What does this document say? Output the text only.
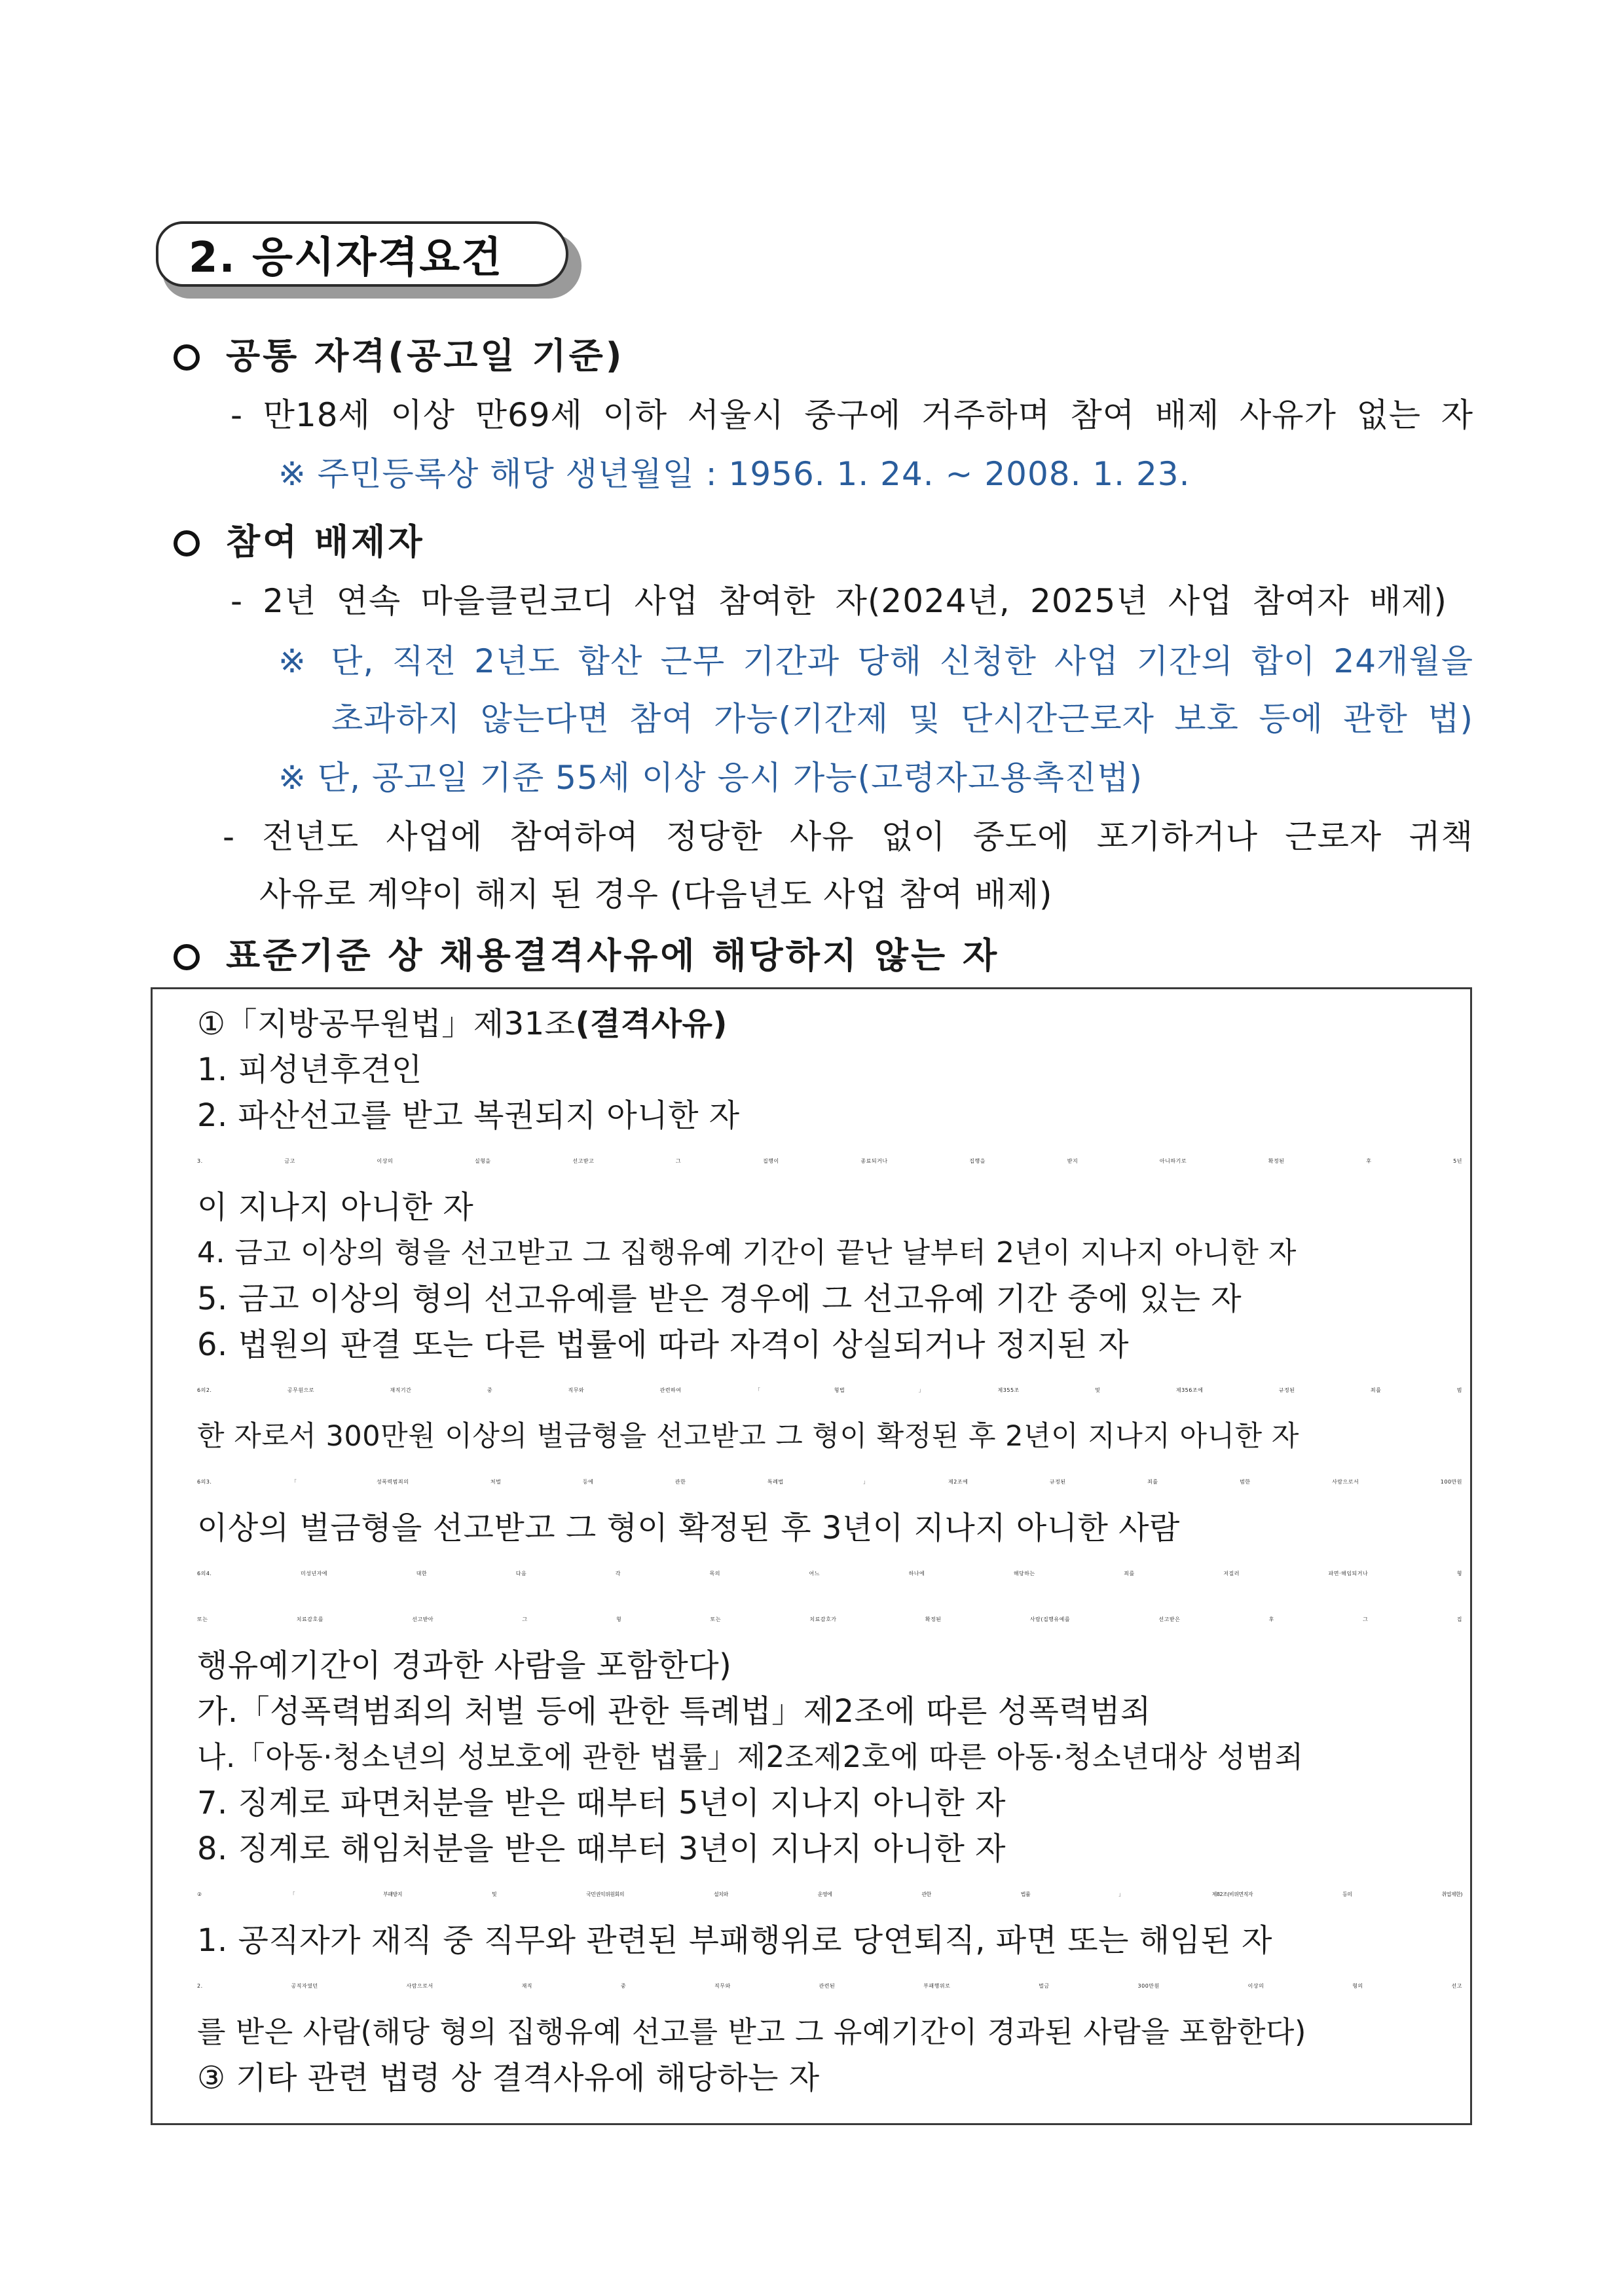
2. 응시자격요건
공통 자격(공고일 기준)
- 만18세 이상 만69세 이하 서울시 중구에 거주하며 참여 배제 사유가 없는 자
※ 주민등록상 해당 생년월일 : 1956. 1. 24. ~ 2008. 1. 23.
참여 배제자
- 2년 연속 마을클린코디 사업 참여한 자(2024년, 2025년 사업 참여자 배제)
※ 단, 직전 2년도 합산 근무 기간과 당해 신청한 사업 기간의 합이 24개월을
초과하지 않는다면 참여 가능(기간제 및 단시간근로자 보호 등에 관한 법)
※ 단, 공고일 기준 55세 이상 응시 가능(고령자고용촉진법)
- 전년도 사업에 참여하여 정당한 사유 없이 중도에 포기하거나 근로자 귀책
사유로 계약이 해지 된 경우 (다음년도 사업 참여 배제)
표준기준 상 채용결격사유에 해당하지 않는 자
①「지방공무원법」제31조(결격사유)
1. 피성년후견인
2. 파산선고를 받고 복권되지 아니한 자
3. 금고 이상의 실형을 선고받고 그 집행이 종료되거나 집행을 받지 아니하기로 확정된 후 5년
이 지나지 아니한 자
4. 금고 이상의 형을 선고받고 그 집행유예 기간이 끝난 날부터 2년이 지나지 아니한 자
5. 금고 이상의 형의 선고유예를 받은 경우에 그 선고유예 기간 중에 있는 자
6. 법원의 판결 또는 다른 법률에 따라 자격이 상실되거나 정지된 자
6의2. 공무원으로 재직기간 중 직무와 관련하여「형법」제355조 및 제356조에 규정된 죄를 범
한 자로서 300만원 이상의 벌금형을 선고받고 그 형이 확정된 후 2년이 지나지 아니한 자
6의3.「성폭력범죄의 처벌 등에 관한 특례법」제2조에 규정된 죄를 범한 사람으로서 100만원
이상의 벌금형을 선고받고 그 형이 확정된 후 3년이 지나지 아니한 사람
6의4. 미성년자에 대한 다음 각 목의 어느 하나에 해당하는 죄를 저질러 파면·해임되거나 형
또는 치료감호를 선고받아 그 형 또는 치료감호가 확정된 사람(집행유예를 선고받은 후 그 집
행유예기간이 경과한 사람을 포함한다)
가.「성폭력범죄의 처벌 등에 관한 특례법」제2조에 따른 성폭력범죄
나.「아동·청소년의 성보호에 관한 법률」제2조제2호에 따른 아동·청소년대상 성범죄
7. 징계로 파면처분을 받은 때부터 5년이 지나지 아니한 자
8. 징계로 해임처분을 받은 때부터 3년이 지나지 아니한 자
②「부패방지 및 국민권익위원회의 설치와 운영에 관한 법률」제82조(비위면직자 등의 취업제한)
1. 공직자가 재직 중 직무와 관련된 부패행위로 당연퇴직, 파면 또는 해임된 자
2. 공직자였던 사람으로서 재직 중 직무와 관련된 부패행위로 벌금 300만원 이상의 형의 선고
를 받은 사람(해당 형의 집행유예 선고를 받고 그 유예기간이 경과된 사람을 포함한다)
③ 기타 관련 법령 상 결격사유에 해당하는 자
